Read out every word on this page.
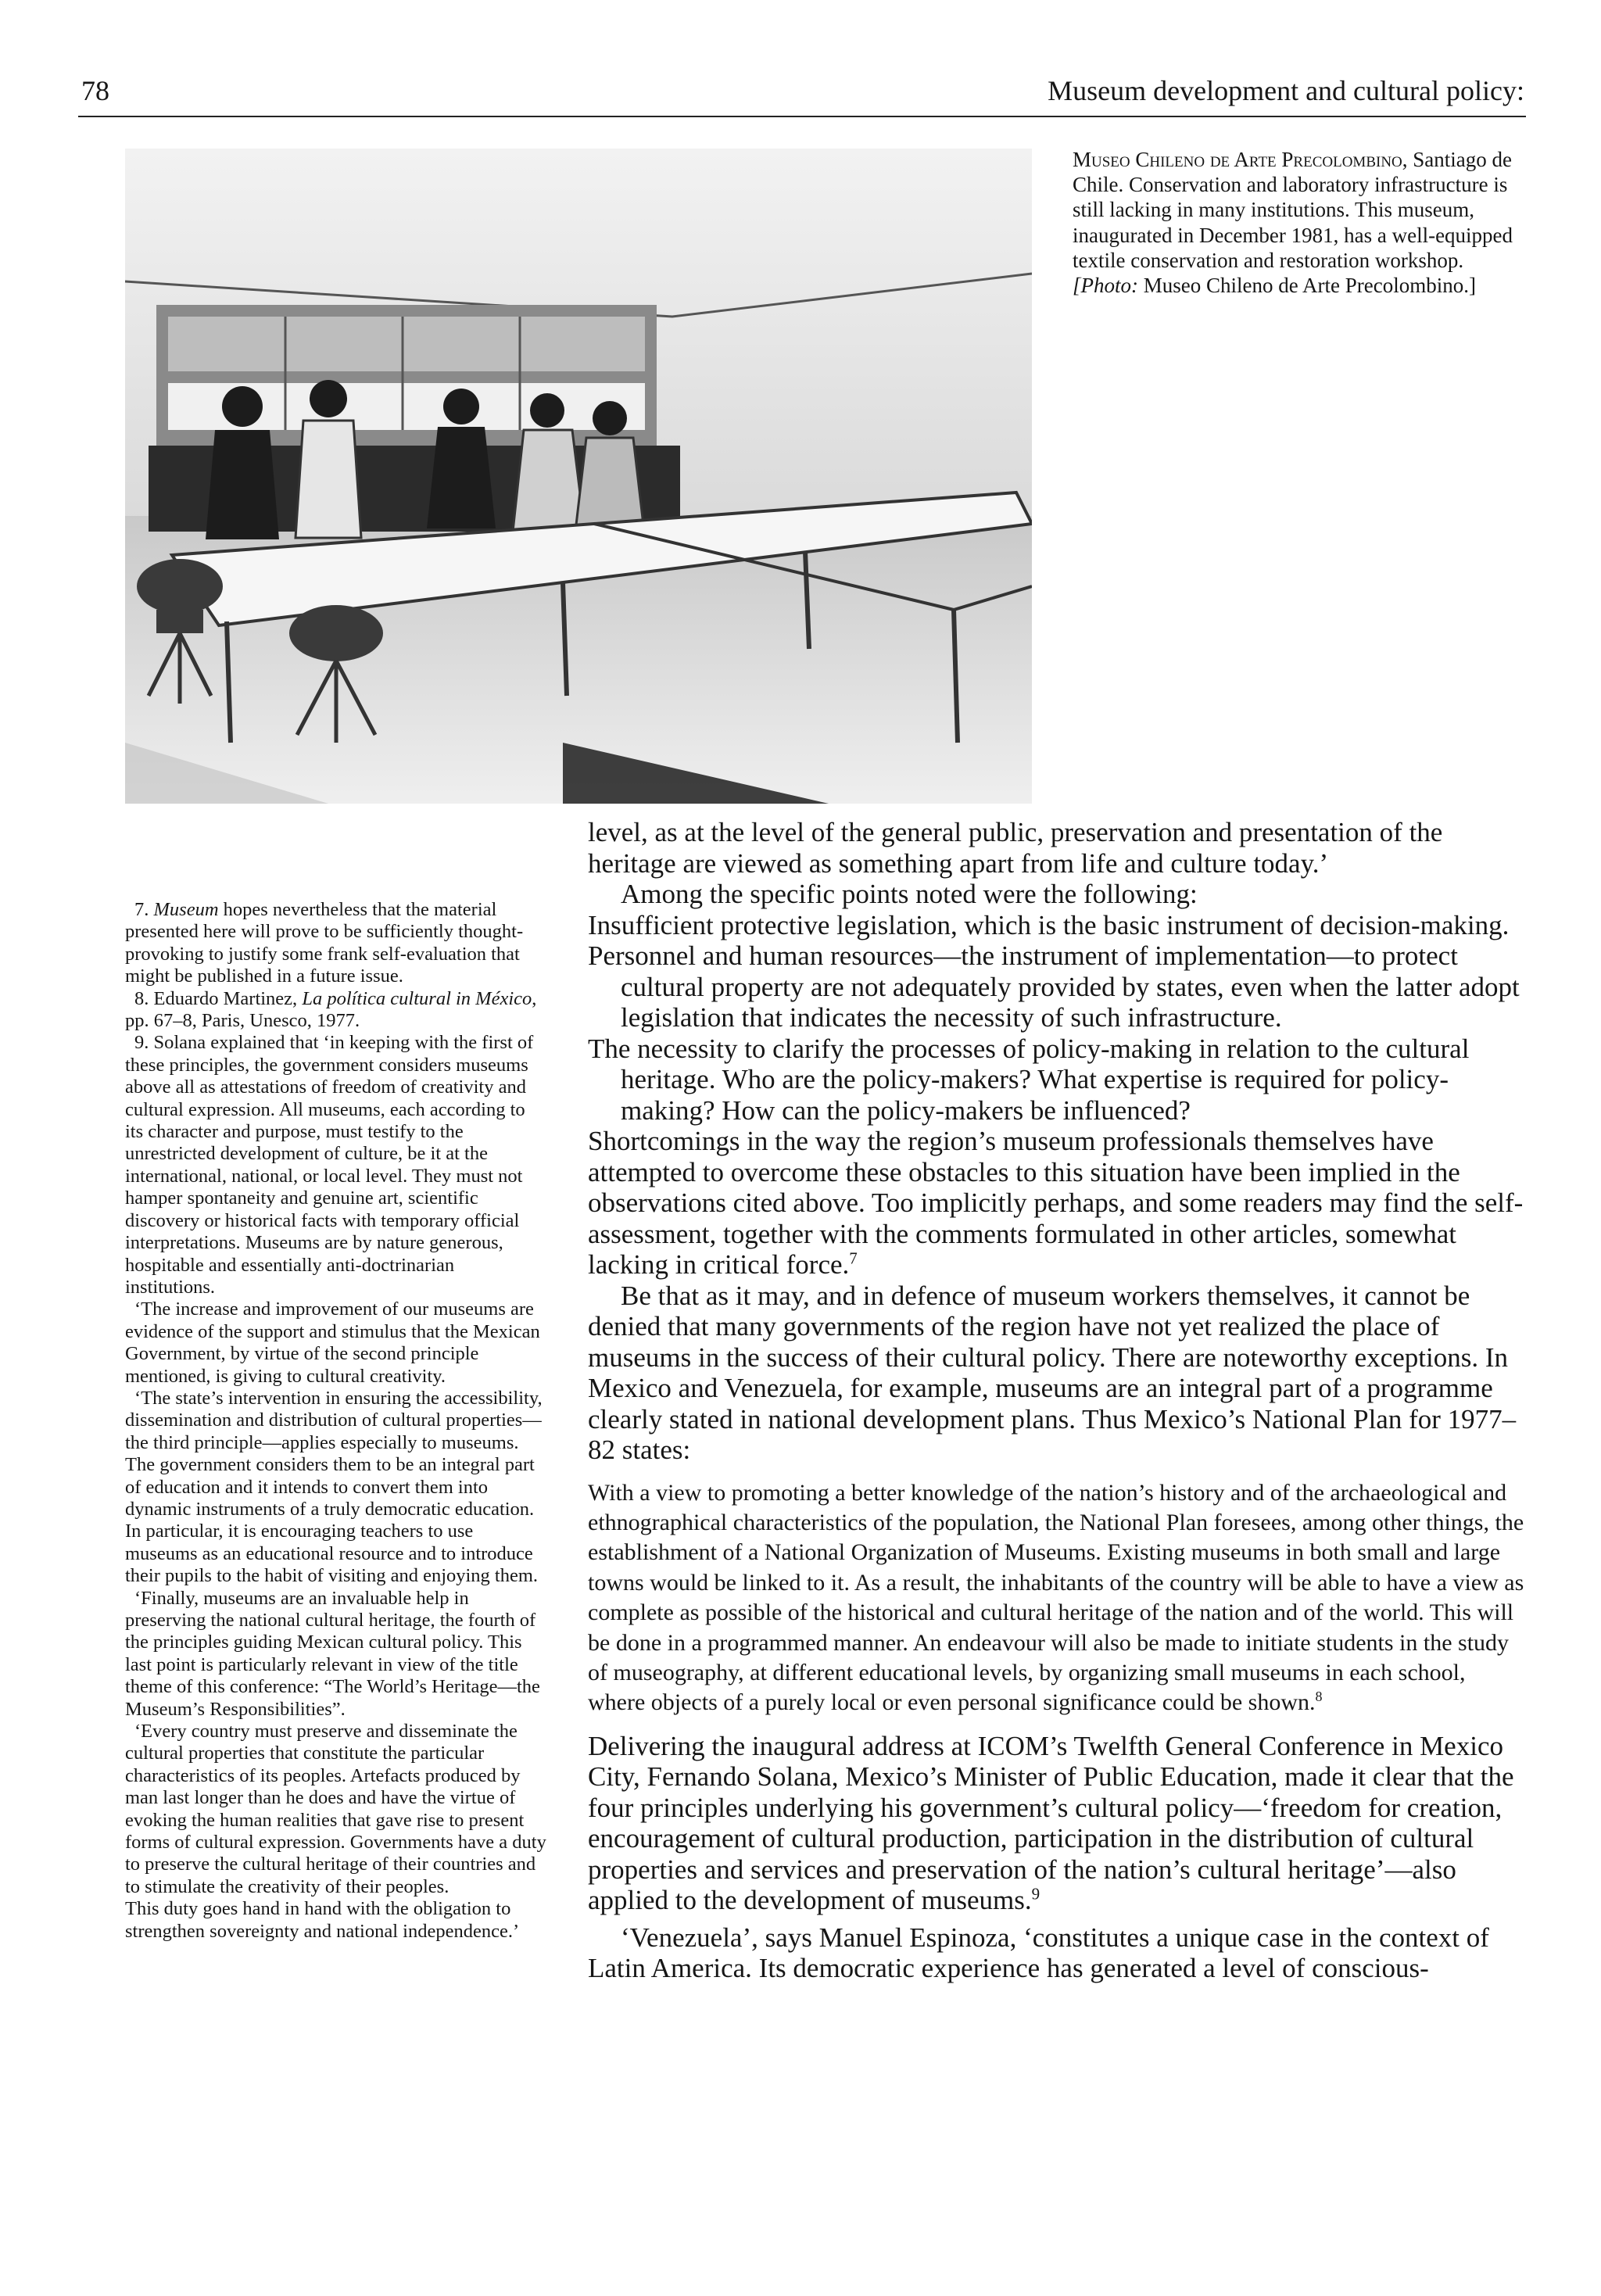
78	Museum development and cultural policy:

Museo Chileno de Arte Precolombino, Santiago de Chile. Conservation and laboratory infrastructure is still lacking in many institutions. This museum, inaugurated in December 1981, has a well-equipped textile conservation and restoration workshop.

[Photo: Museo Chileno de Arte Precolombino.]

7. Museum hopes nevertheless that the material presented here will prove to be sufficiently thought-provoking to justify some frank self-evaluation that might be published in a future issue.

8. Eduardo Martinez, La política cultural in México, pp. 67–8, Paris, Unesco, 1977.

9. Solana explained that ‘in keeping with the first of these principles, the government considers museums above all as attestations of freedom of creativity and cultural expression. All museums, each according to its character and purpose, must testify to the unrestricted development of culture, be it at the international, national, or local level. They must not hamper spontaneity and genuine art, scientific discovery or historical facts with temporary official interpretations. Museums are by nature generous, hospitable and essentially anti-doctrinarian institutions.

‘The increase and improvement of our museums are evidence of the support and stimulus that the Mexican Government, by virtue of the second principle mentioned, is giving to cultural creativity.

‘The state’s intervention in ensuring the accessibility, dissemination and distribution of cultural properties—the third principle—applies especially to museums. The government considers them to be an integral part of education and it intends to convert them into dynamic instruments of a truly democratic education. In particular, it is encouraging teachers to use museums as an educational resource and to introduce their pupils to the habit of visiting and enjoying them.

‘Finally, museums are an invaluable help in preserving the national cultural heritage, the fourth of the principles guiding Mexican cultural policy. This last point is particularly relevant in view of the title theme of this conference: “The World’s Heritage—the Museum’s Responsibilities”.

‘Every country must preserve and disseminate the cultural properties that constitute the particular characteristics of its peoples. Artefacts produced by man last longer than he does and have the virtue of evoking the human realities that gave rise to present forms of cultural expression. Governments have a duty to preserve the cultural heritage of their countries and to stimulate the creativity of their peoples.

This duty goes hand in hand with the obligation to strengthen sovereignty and national independence.’

level, as at the level of the general public, preservation and presentation of the heritage are viewed as something apart from life and culture today.’

Among the specific points noted were the following:

Insufficient protective legislation, which is the basic instrument of decision-making.

Personnel and human resources—the instrument of implementation—to protect cultural property are not adequately provided by states, even when the latter adopt legislation that indicates the necessity of such infrastructure.

The necessity to clarify the processes of policy-making in relation to the cultural heritage. Who are the policy-makers? What expertise is required for policy-making? How can the policy-makers be influenced?

Shortcomings in the way the region’s museum professionals themselves have attempted to overcome these obstacles to this situation have been implied in the observations cited above. Too implicitly perhaps, and some readers may find the self-assessment, together with the comments formulated in other articles, somewhat lacking in critical force.$^7$

Be that as it may, and in defence of museum workers themselves, it cannot be denied that many governments of the region have not yet realized the place of museums in the success of their cultural policy. There are noteworthy exceptions. In Mexico and Venezuela, for example, museums are an integral part of a programme clearly stated in national development plans. Thus Mexico’s National Plan for 1977–82 states:

With a view to promoting a better knowledge of the nation’s history and of the archaeological and ethnographical characteristics of the population, the National Plan foresees, among other things, the establishment of a National Organization of Museums. Existing museums in both small and large towns would be linked to it. As a result, the inhabitants of the country will be able to have a view as complete as possible of the historical and cultural heritage of the nation and of the world. This will be done in a programmed manner. An endeavour will also be made to initiate students in the study of museography, at different educational levels, by organizing small museums in each school, where objects of a purely local or even personal significance could be shown.$^8$

Delivering the inaugural address at ICOM’s Twelfth General Conference in Mexico City, Fernando Solana, Mexico’s Minister of Public Education, made it clear that the four principles underlying his government’s cultural policy—‘freedom for creation, encouragement of cultural production, participation in the distribution of cultural properties and services and preservation of the nation’s cultural heritage’—also applied to the development of museums.$^9$

‘Venezuela’, says Manuel Espinoza, ‘constitutes a unique case in the context of Latin America. Its democratic experience has generated a level of conscious-
